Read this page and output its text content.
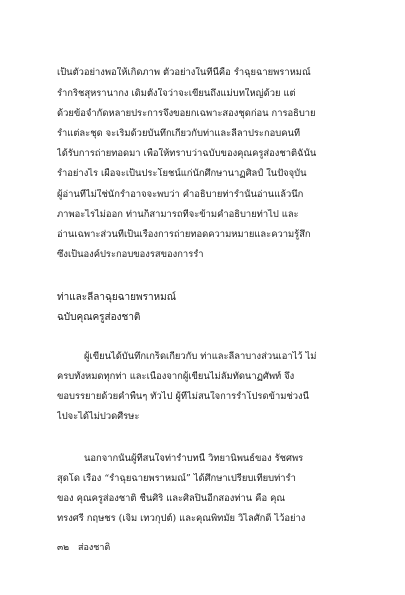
เป็นตัวอย่างพอให้เกิดภาพ ตัวอย่างในที่นี้คือ รำฉุยฉายพราหมณ์
รำกริชสุหรานากง เดิมตั้งใจว่าจะเขียนถึงแม่บทใหญ่ด้วย แต่
ด้วยข้อจำกัดหลายประการจึงขอยกเฉพาะสองชุดก่อน การอธิบาย
ร่ำแต่ละชุด จะเริ่มด้วยบันทึกเกี่ยวกับท่าและลีลาประกอบคนที่
ได้รับการถ่ายทอดมา เพื่อให้ทราบว่าฉบับของคุณครูส่องชาติฉันั้น
ร่ำอย่างไร เผื่อจะเป็นประโยชน์แก่นักศึกษานาฏศิลป์ ในปัจจุบัน
ผู้อ่านที่ไม่ใช่นักรำอาจจะพบว่า คำอธิบายท่ารำนั้นอ่านแล้วนึก
ภาพอะไรไม่ออก ท่านก็สามารถที่จะข้ามคำอธิบายท่าไป และ
อ่านเฉพาะส่วนที่เป็นเรื่องการถ่ายทอดความหมายและความรู้สึก
ซึ่งเป็นองค์ประกอบของรสของการรำ
ท่าและลีลาฉุยฉายพราหมณ์
ฉบับคุณครูส่องชาติ
ผู้เขียนได้บันทึกเกร็ดเกี่ยวกับ ท่าและลีลาบางส่วนเอาไว้ ไม่
ครบทั้งหมดทุกท่า และเนื่องจากผู้เขียนไม่ลัมทัดนาฏศัพท์ จึง
ขอบรรยายด้วยคำพื้นๆ ทั่วไป ผู้ที่ไม่สนใจการรำโปรดข้ามช่วงนี้
ไปจะได้ไม่ปวดศีรษะ
นอกจากนั้นผู้ที่สนใจท่ารำบทนี้ วิทยานิพนธ์ของ รัชศพร
สุดโด เรื่อง “รำฉุยฉายพราหมณ์” ได้ศึกษาเปรียบเทียบท่ารำ
ของ คุณครูส่องชาติ ชื่นศิริ และศิลปินอีกสองท่าน คือ คุณ
ทรงศรี กฤษชร (เจิม เทวกุปต์) และคุณพิทมัย วิไลศักดิ์ ไว้อย่าง
๓๒ ส่องชาติ
